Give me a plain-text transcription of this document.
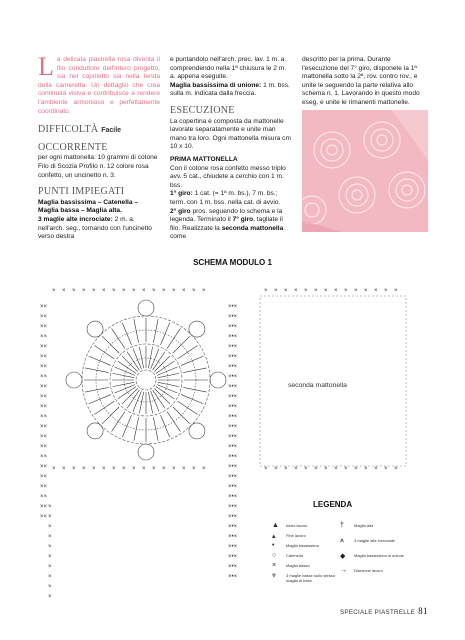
L a delicata piastrella rosa diventa il filo conduttore dell'intero progetto, sia nel copriletto sia nella tenda della cameretta. Un dettaglio che crea continuità visiva e contribuisce a rendere l'ambiente armonioso e perfettamente coordinato.
DIFFICOLTÀ Facile
OCCORRENTE

per ogni mattonella: 10 grammi di cotone Filo di Scozia Profilo n. 12 colore rosa confetto, un uncinetto n. 3.

PUNTI IMPIEGATI

Maglia bassissima – Catenella – Maglia bassa – Maglia alta.

3 maglie alte incrociate: 2 m. a. nell'arch. seg., tornando con l'uncinetto verso destra

e puntandolo nell'arch. prec. lav. 1 m. a. comprendendo nella 1ª chiusura le 2 m. a. appena eseguite.

Maglia bassissima di unione: 1 m. bss. sulla m. indicata dalla freccia.

ESECUZIONE

La copertina è composta da mattonelle lavorate separatamente e unite man mano tra loro. Ogni mattonella misura cm 10 x 10.

PRIMA MATTONELLA

Con il cotone rosa confetto messo triplo avv. 5 cat., chiudete a cerchio con 1 m. bss.

1° giro: 1 cat. (= 1ª m. bs.), 7 m. bs.; term. con 1 m. bss. nella cat. di avvio.

2° giro pros. seguendo lo schema e la legenda. Terminato il 7° giro, tagliate il filo. Realizzate la seconda mattonella come

descritto per la prima. Durante l'esecuzione del 7° giro, disponete la 1ª mattonella sotto la 2ª, rov. contro rov., e unite le seguendo la parte relativa allo schema n. 1. Lavorando in questo modo eseg. e unite le rimanenti mattonelle.

SCHEMA MODULO 1
× × × × × × × × × × × × × × × ×	× × × × × × × × × × × × × ×
××
××
××
××
××
××
××
××
××
××
××
××
××
××
××
××
××
××
××
××
××
××
×•×
×•×
×•×
×•×
×•×
×•×
×•×
×•×
×•×
×•×
×•×
×•×
×•×
×•×
×•×
×•×
×•×
×•×
×•×
×•×
×•×
×•×
×•×
×•×
×•×
×•×
×•×
×•×
× × × × × × × × × × × × × × × ×	× × × × × × × × × × × × × ×
×
×
×
×
×
×
×
×
×
×
seconda mattonella
LEGENDA
SPECIALE PIASTRELLE 81
▲ Inizio lavoro
▴	Fine lavoro
•	Maglia bassissima
○ Catenella
× Maglia bassa
⩔	3 maglie basse sullo stesso maglia di base
†	Maglia alta
⩚	3 maglie alte incrociate
◆ Maglia bassissima di unione
→ Direzione lavoro
